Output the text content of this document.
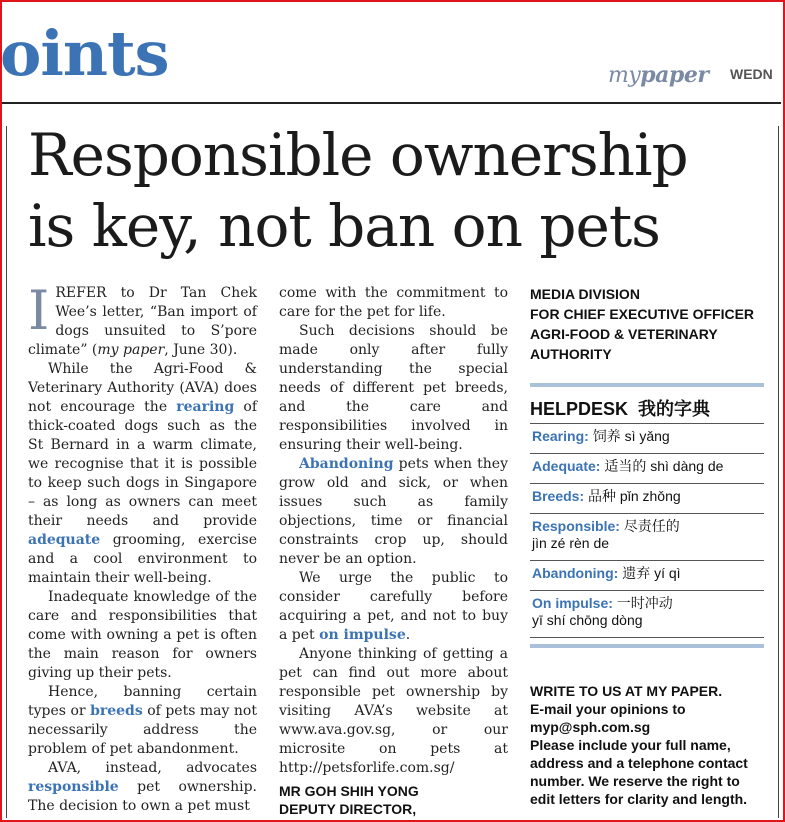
oints	mypaper WEDN
Responsible ownership
is key, not ban on pets

IREFER to Dr Tan Chek Wee’s letter, “Ban import of dogs unsuited to S’pore climate” (my paper, June 30).

While the Agri-Food & Veterinary Authority (AVA) does not encourage the rearing of thick-coated dogs such as the St Bernard in a warm climate, we recognise that it is possible to keep such dogs in Singapore – as long as owners can meet their needs and provide adequate grooming, exercise and a cool environment to maintain their well-being.

Inadequate knowledge of the care and responsibilities that come with owning a pet is often the main reason for owners giving up their pets.

Hence, banning certain types or breeds of pets may not necessarily address the problem of pet abandonment.

AVA, instead, advocates responsible pet ownership. The decision to own a pet must

come with the commitment to care for the pet for life.

Such decisions should be made only after fully understanding the special needs of different pet breeds, and the care and responsibilities involved in ensuring their well-being.

Abandoning pets when they grow old and sick, or when issues such as family objections, time or financial constraints crop up, should never be an option.

We urge the public to consider carefully before acquiring a pet, and not to buy a pet on impulse.

Anyone thinking of getting a pet can find out more about responsible pet ownership by visiting AVA’s website at www.ava.gov.sg, or our microsite on pets at http://petsforlife.com.sg/

MR GOH SHIH YONG
DEPUTY DIRECTOR,
MEDIA DIVISION
FOR CHIEF EXECUTIVE OFFICER
AGRI-FOOD & VETERINARY
AUTHORITY
HELPDESK 我的字典
Rearing: 饲养 sì yǎng
Adequate: 适当的 shì dàng de
Breeds: 品种 pǐn zhǒng
Responsible: 尽责任的
jìn zé rèn de
Abandoning: 遗弃 yí qì
On impulse: 一时冲动
yī shí chōng dòng
WRITE TO US AT MY PAPER.
E-mail your opinions to
myp@sph.com.sg
Please include your full name,
address and a telephone contact
number. We reserve the right to
edit letters for clarity and length.
